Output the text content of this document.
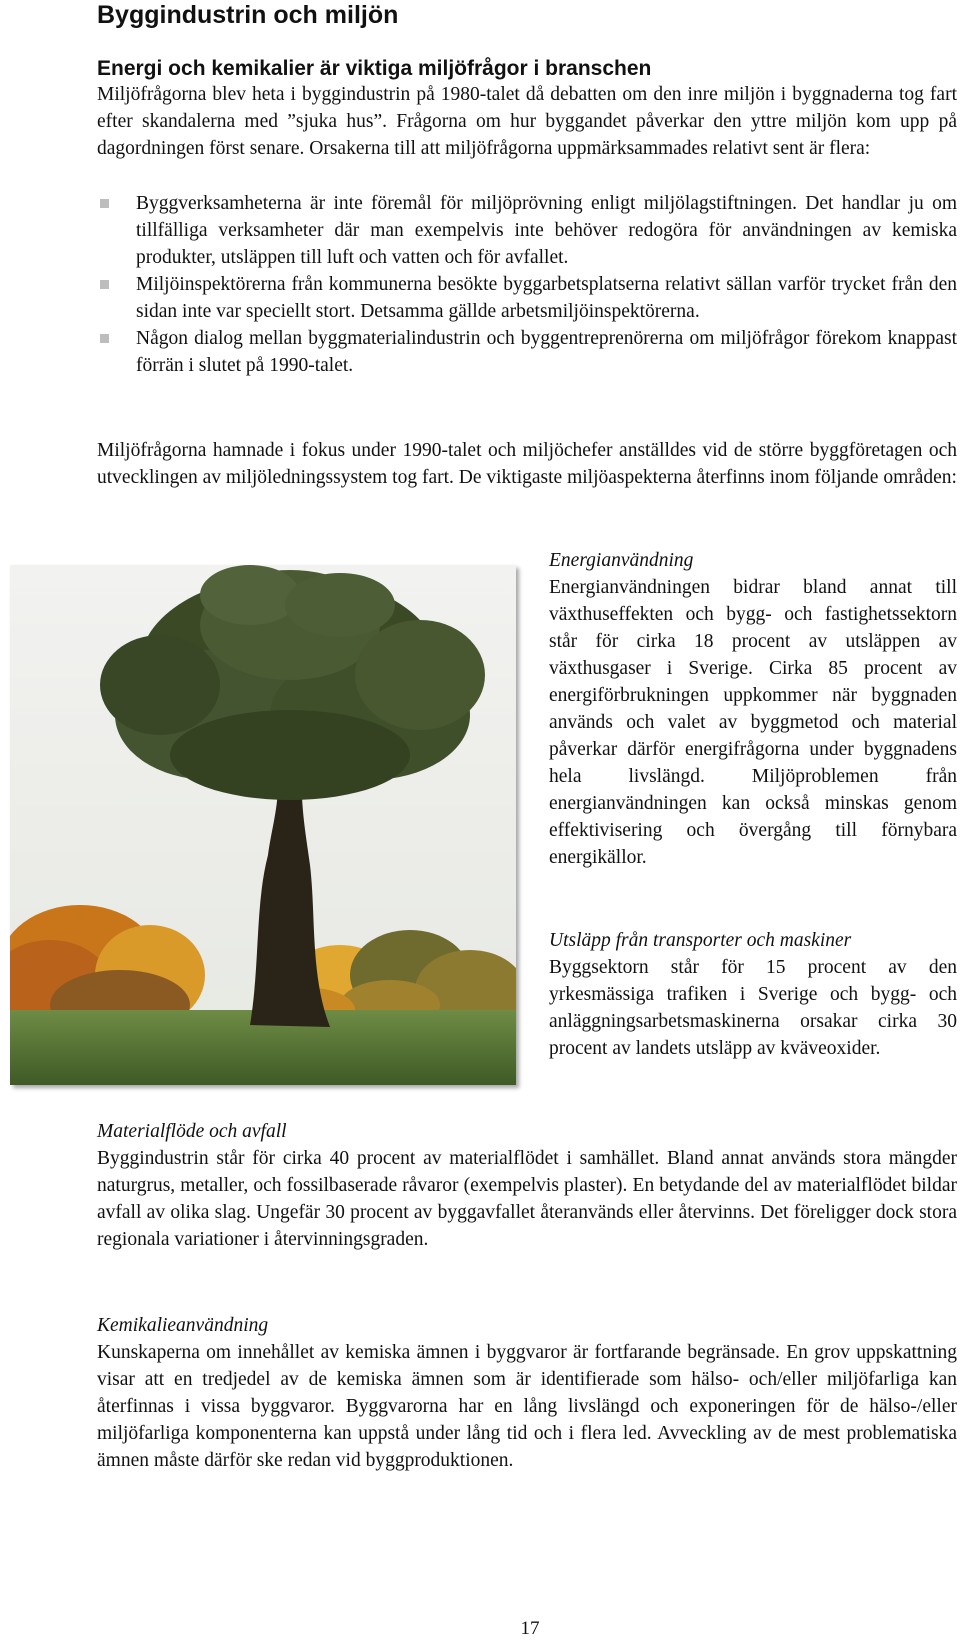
Byggindustrin och miljön
Energi och kemikalier är viktiga miljöfrågor i branschen

Miljöfrågorna blev heta i byggindustrin på 1980-talet då debatten om den inre miljön i byggnaderna tog fart efter skandalerna med ”sjuka hus”. Frågorna om hur byggandet påverkar den yttre miljön kom upp på dagordningen först senare. Orsakerna till att miljöfrågorna uppmärksammades relativt sent är flera:

Byggverksamheterna är inte föremål för miljöprövning enligt miljölagstiftningen. Det handlar ju om tillfälliga verksamheter där man exempelvis inte behöver redogöra för användningen av kemiska produkter, utsläppen till luft och vatten och för avfallet.
Miljöinspektörerna från kommunerna besökte byggarbetsplatserna relativt sällan varför trycket från den sidan inte var speciellt stort. Detsamma gällde arbetsmiljöinspektörerna.
Någon dialog mellan byggmaterialindustrin och byggentreprenörerna om miljöfrågor förekom knappast förrän i slutet på 1990-talet.

Miljöfrågorna hamnade i fokus under 1990-talet och miljöchefer anställdes vid de större byggföretagen och utvecklingen av miljöledningssystem tog fart. De viktigaste miljöaspekterna återfinns inom följande områden:

Energianvändning

Energianvändningen bidrar bland annat till växthuseffekten och bygg- och fastighetssektorn står för cirka 18 procent av utsläppen av växthusgaser i Sverige. Cirka 85 procent av energiförbrukningen uppkommer när byggnaden används och valet av byggmetod och material påverkar därför energifrågorna under byggnadens hela livslängd. Miljöproblemen från energianvändningen kan också minskas genom effektivisering och övergång till förnybara energikällor.

Utsläpp från transporter och maskiner

Byggsektorn står för 15 procent av den yrkesmässiga trafiken i Sverige och bygg- och anläggningsarbetsmaskinerna orsakar cirka 30 procent av landets utsläpp av kväveoxider.

Materialflöde och avfall

Byggindustrin står för cirka 40 procent av materialflödet i samhället. Bland annat används stora mängder naturgrus, metaller, och fossilbaserade råvaror (exempelvis plaster). En betydande del av materialflödet bildar avfall av olika slag. Ungefär 30 procent av byggavfallet återanvänds eller återvinns. Det föreligger dock stora regionala variationer i återvinningsgraden.

Kemikalieanvändning

Kunskaperna om innehållet av kemiska ämnen i byggvaror är fortfarande begränsade. En grov uppskattning visar att en tredjedel av de kemiska ämnen som är identifierade som hälso- och/eller miljöfarliga kan återfinnas i vissa byggvaror. Byggvarorna har en lång livslängd och exponeringen för de hälso-/eller miljöfarliga komponenterna kan uppstå under lång tid och i flera led. Avveckling av de mest problematiska ämnen måste därför ske redan vid byggproduktionen.

17
